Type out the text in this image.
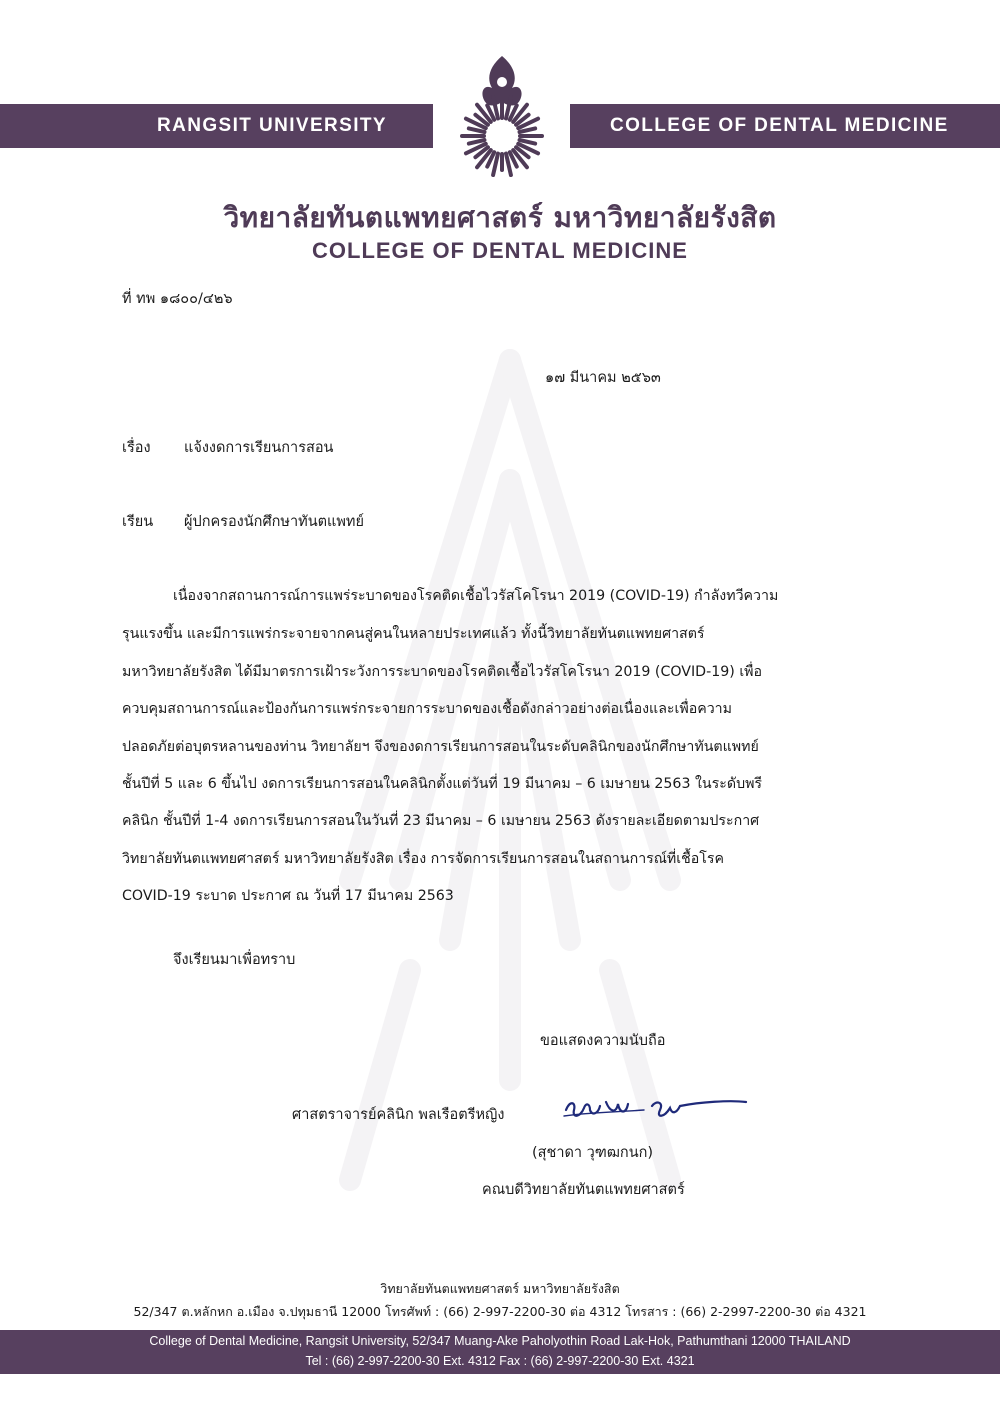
RANGSIT UNIVERSITY	COLLEGE OF DENTAL MEDICINE
วิทยาลัยทันตแพทยศาสตร์ มหาวิทยาลัยรังสิต
COLLEGE OF DENTAL MEDICINE
ที่ ทพ ๑๘๐๐/๔๒๖
๑๗ มีนาคม ๒๕๖๓
เรื่อง แจ้งงดการเรียนการสอน
เรียน ผู้ปกครองนักศึกษาทันตแพทย์
เนื่องจากสถานการณ์การแพร่ระบาดของโรคติดเชื้อไวรัสโคโรนา 2019 (COVID-19) กำลังทวีความ
รุนแรงขึ้น และมีการแพร่กระจายจากคนสู่คนในหลายประเทศแล้ว ทั้งนี้วิทยาลัยทันตแพทยศาสตร์
มหาวิทยาลัยรังสิต ได้มีมาตรการเฝ้าระวังการระบาดของโรคติดเชื้อไวรัสโคโรนา 2019 (COVID-19) เพื่อ
ควบคุมสถานการณ์และป้องกันการแพร่กระจายการระบาดของเชื้อดังกล่าวอย่างต่อเนื่องและเพื่อความ
ปลอดภัยต่อบุตรหลานของท่าน วิทยาลัยฯ จึงของดการเรียนการสอนในระดับคลินิกของนักศึกษาทันตแพทย์
ชั้นปีที่ 5 และ 6 ขึ้นไป งดการเรียนการสอนในคลินิกตั้งแต่วันที่ 19 มีนาคม – 6 เมษายน 2563 ในระดับพรี
คลินิก ชั้นปีที่ 1-4 งดการเรียนการสอนในวันที่ 23 มีนาคม – 6 เมษายน 2563 ดังรายละเอียดตามประกาศ
วิทยาลัยทันตแพทยศาสตร์ มหาวิทยาลัยรังสิต เรื่อง การจัดการเรียนการสอนในสถานการณ์ที่เชื้อโรค
COVID-19 ระบาด ประกาศ ณ วันที่ 17 มีนาคม 2563
จึงเรียนมาเพื่อทราบ
ขอแสดงความนับถือ
ศาสตราจารย์คลินิก พลเรือตรีหญิง
(สุชาดา วุฑฒกนก)
คณบดีวิทยาลัยทันตแพทยศาสตร์
วิทยาลัยทันตแพทยศาสตร์ มหาวิทยาลัยรังสิต
52/347 ต.หลักหก อ.เมือง จ.ปทุมธานี 12000 โทรศัพท์ : (66) 2-997-2200-30 ต่อ 4312 โทรสาร : (66) 2-2997-2200-30 ต่อ 4321
College of Dental Medicine, Rangsit University, 52/347 Muang-Ake Paholyothin Road Lak-Hok, Pathumthani 12000 THAILAND
Tel : (66) 2-997-2200-30 Ext. 4312 Fax : (66) 2-997-2200-30 Ext. 4321
